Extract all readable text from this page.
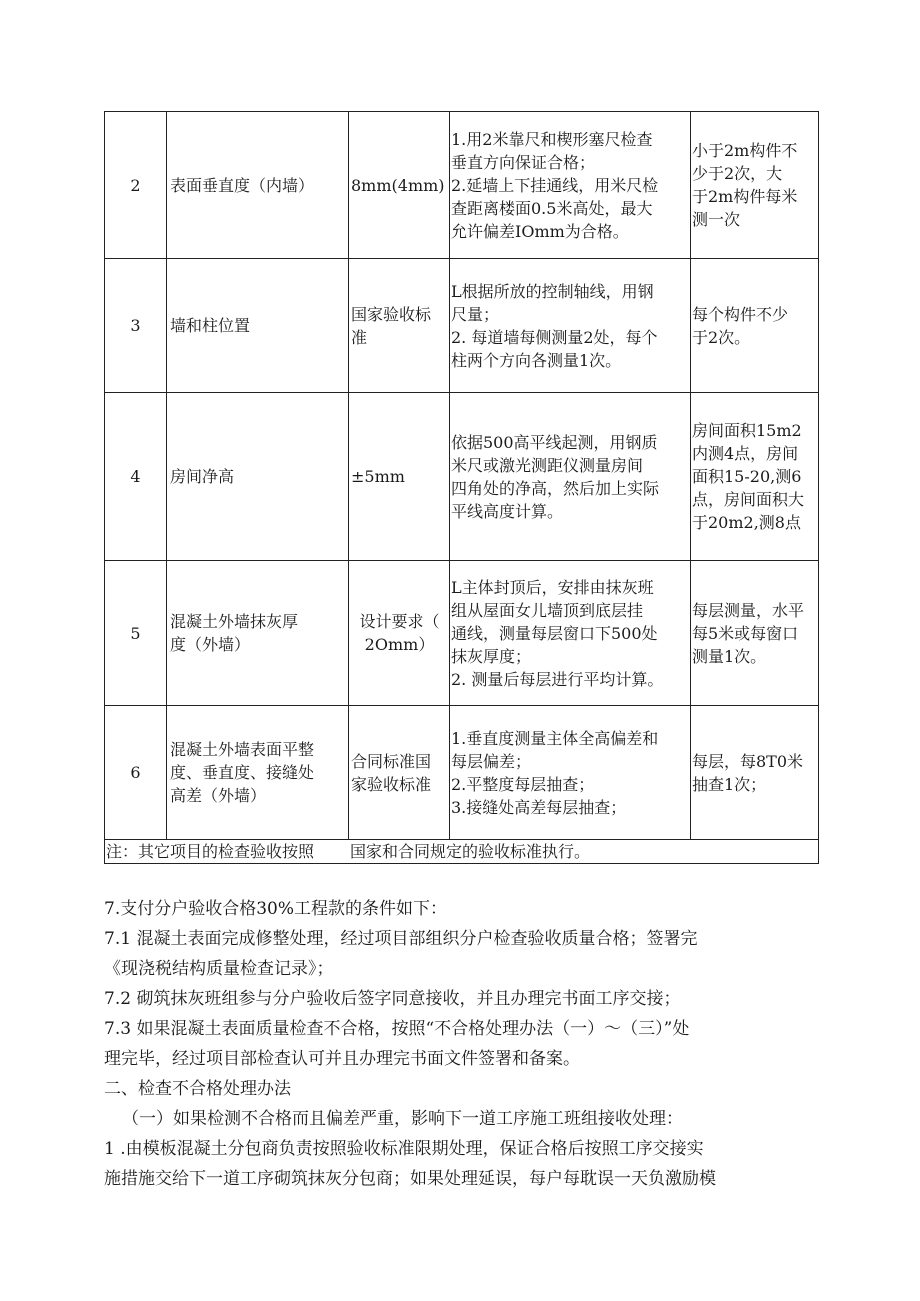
2	表面垂直度（内墙）	8mm(4mm)	1.用2米靠尺和楔形塞尺检查
垂直方向保证合格；
2.延墙上下挂通线，用米尺检
查距离楼面0.5米高处，最大
允许偏差IOmm为合格。	小于2m构件不
少于2次，大
于2m构件每米
测一次
3	墙和柱位置	国家验收标
准	L根据所放的控制轴线，用钢
尺量；
2. 每道墙每侧测量2处，每个
柱两个方向各测量1次。	每个构件不少
于2次。
4	房间净高	±5mm	依据500高平线起测，用钢质
米尺或激光测距仪测量房间
四角处的净高，然后加上实际
平线高度计算。	房间面积15m2
内测4点，房间
面积15-20,测6
点，房间面积大
于20m2,测8点
5	混凝土外墙抹灰厚
度（外墙）	设计要求（
2Omm）	L主体封顶后，安排由抹灰班
组从屋面女儿墙顶到底层挂
通线，测量每层窗口下500处
抹灰厚度；
2. 测量后每层进行平均计算。	每层测量，水平
每5米或每窗口
测量1次。
6	混凝土外墙表面平整
度、垂直度、接缝处
高差（外墙）	合同标准国
家验收标准	1.垂直度测量主体全高偏差和
每层偏差；
2.平整度每层抽查；
3.接缝处高差每层抽查；	每层，每8T0米
抽查1次；
注：其它项目的检查验收按照 国家和合同规定的验收标准执行。				

7.支付分户验收合格30%工程款的条件如下：

7.1 混凝土表面完成修整处理，经过项目部组织分户检查验收质量合格；签署完

《现浇税结构质量检查记录》；

7.2 砌筑抹灰班组参与分户验收后签字同意接收，并且办理完书面工序交接；

7.3 如果混凝土表面质量检查不合格，按照“不合格处理办法（一）～（三）”处

理完毕，经过项目部检查认可并且办理完书面文件签署和备案。

二、检查不合格处理办法

（一）如果检测不合格而且偏差严重，影响下一道工序施工班组接收处理：

1 .由模板混凝土分包商负责按照验收标准限期处理，保证合格后按照工序交接实

施措施交给下一道工序砌筑抹灰分包商；如果处理延误，每户每耽误一天负激励模
